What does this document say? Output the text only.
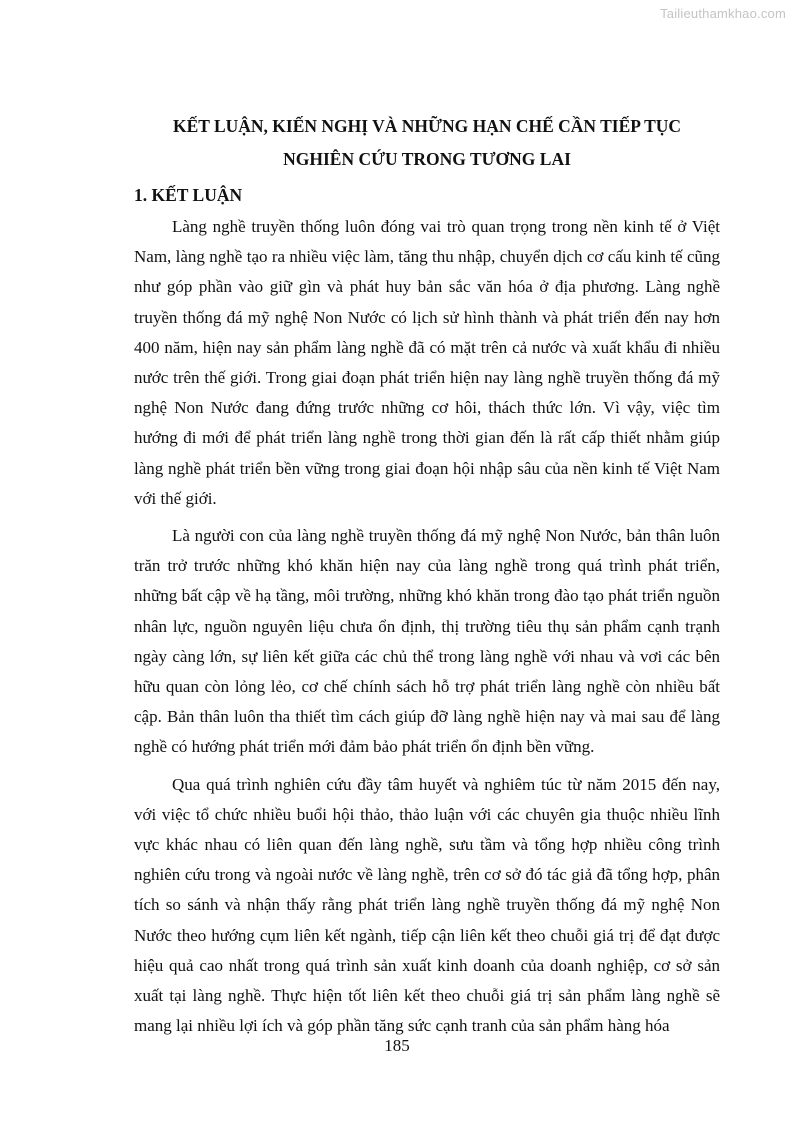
Tailieuthamkhao.com

KẾT LUẬN, KIẾN NGHỊ VÀ NHỮNG HẠN CHẾ CẦN TIẾP TỤC

NGHIÊN CỨU TRONG TƯƠNG LAI

1. KẾT LUẬN

Làng nghề truyền thống luôn đóng vai trò quan trọng trong nền kinh tế ở Việt Nam, làng nghề tạo ra nhiều việc làm, tăng thu nhập, chuyển dịch cơ cấu kinh tế cũng như góp phần vào giữ gìn và phát huy bản sắc văn hóa ở địa phương. Làng nghề truyền thống đá mỹ nghệ Non Nước có lịch sử hình thành và phát triển đến nay hơn 400 năm, hiện nay sản phẩm làng nghề đã có mặt trên cả nước và xuất khẩu đi nhiều nước trên thế giới. Trong giai đoạn phát triển hiện nay làng nghề truyền thống đá mỹ nghệ Non Nước đang đứng trước những cơ hôi, thách thức lớn. Vì vậy, việc tìm hướng đi mới để phát triển làng nghề trong thời gian đến là rất cấp thiết nhằm giúp làng nghề phát triển bền vững trong giai đoạn hội nhập sâu của nền kinh tế Việt Nam với thế giới.

Là người con của làng nghề truyền thống đá mỹ nghệ Non Nước, bản thân luôn trăn trở trước những khó khăn hiện nay của làng nghề trong quá trình phát triển, những bất cập về hạ tầng, môi trường, những khó khăn trong đào tạo phát triển nguồn nhân lực, nguồn nguyên liệu chưa ổn định, thị trường tiêu thụ sản phẩm cạnh trạnh ngày càng lớn, sự liên kết giữa các chủ thể trong làng nghề với nhau và vơi các bên hữu quan còn lỏng lẻo, cơ chế chính sách hỗ trợ phát triển làng nghề còn nhiều bất cập. Bản thân luôn tha thiết tìm cách giúp đỡ làng nghề hiện nay và mai sau để làng nghề có hướng phát triển mới đảm bảo phát triển ổn định bền vững.

Qua quá trình nghiên cứu đầy tâm huyết và nghiêm túc từ năm 2015 đến nay, với việc tổ chức nhiều buổi hội thảo, thảo luận với các chuyên gia thuộc nhiều lĩnh vực khác nhau có liên quan đến làng nghề, sưu tầm và tổng hợp nhiều công trình nghiên cứu trong và ngoài nước về làng nghề, trên cơ sở đó tác giả đã tổng hợp, phân tích so sánh và nhận thấy rằng phát triển làng nghề truyền thống đá mỹ nghệ Non Nước theo hướng cụm liên kết ngành, tiếp cận liên kết theo chuỗi giá trị để đạt được hiệu quả cao nhất trong quá trình sản xuất kinh doanh của doanh nghiệp, cơ sở sản xuất tại làng nghề. Thực hiện tốt liên kết theo chuỗi giá trị sản phẩm làng nghề sẽ mang lại nhiều lợi ích và góp phần tăng sức cạnh tranh của sản phẩm hàng hóa

185
